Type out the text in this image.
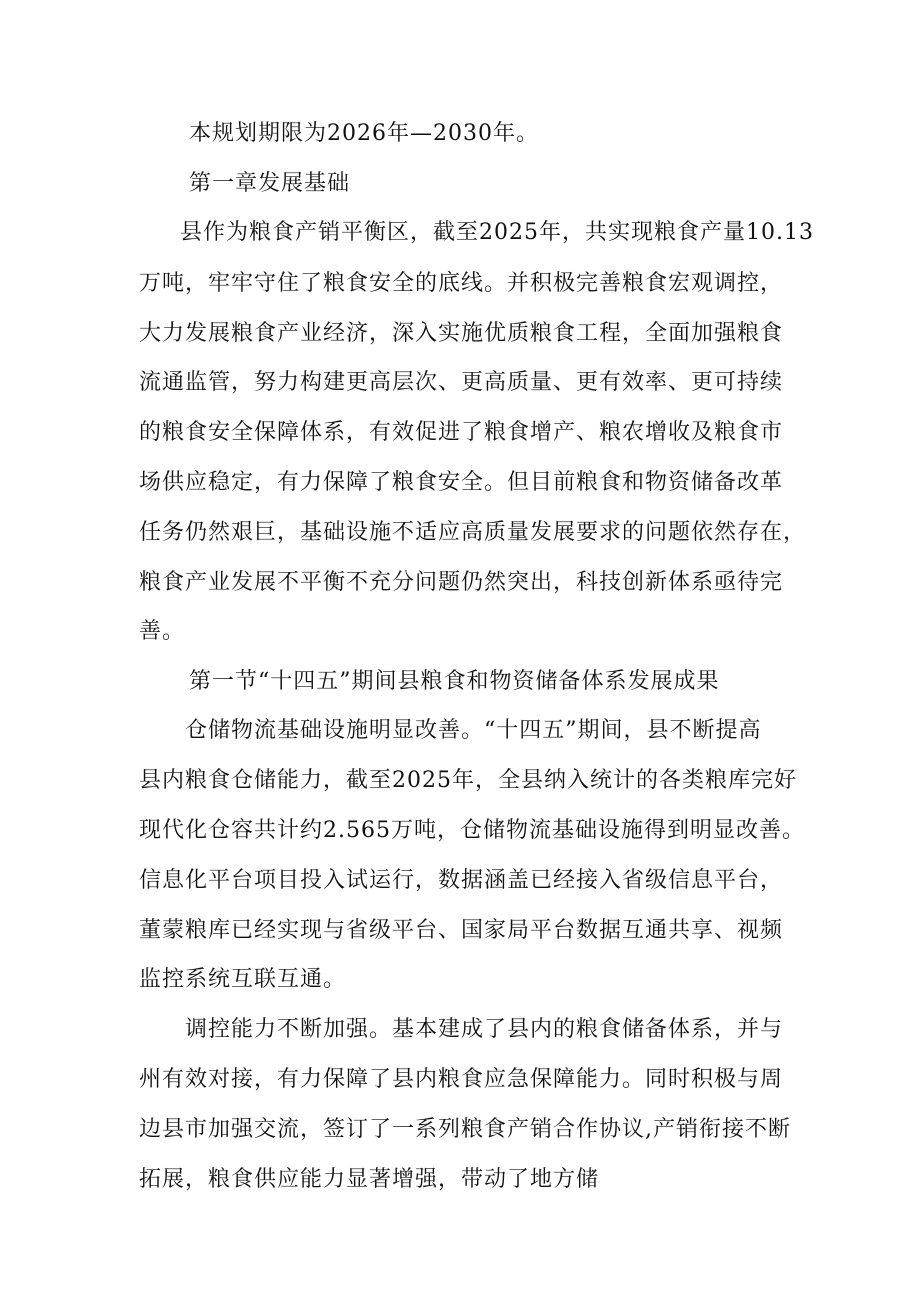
本规划期限为2026年—2030年。
第一章发展基础
县作为粮食产销平衡区，截至2025年，共实现粮食产量10.13
万吨，牢牢守住了粮食安全的底线。并积极完善粮食宏观调控，
大力发展粮食产业经济，深入实施优质粮食工程，全面加强粮食
流通监管，努力构建更高层次、更高质量、更有效率、更可持续
的粮食安全保障体系，有效促进了粮食增产、粮农增收及粮食市
场供应稳定，有力保障了粮食安全。但目前粮食和物资储备改革
任务仍然艰巨，基础设施不适应高质量发展要求的问题依然存在，
粮食产业发展不平衡不充分问题仍然突出，科技创新体系亟待完
善。
第一节“十四五”期间县粮食和物资储备体系发展成果
仓储物流基础设施明显改善。“十四五”期间，县不断提高
县内粮食仓储能力，截至2025年，全县纳入统计的各类粮库完好
现代化仓容共计约2.565万吨，仓储物流基础设施得到明显改善。
信息化平台项目投入试运行，数据涵盖已经接入省级信息平台，
董蒙粮库已经实现与省级平台、国家局平台数据互通共享、视频
监控系统互联互通。
调控能力不断加强。基本建成了县内的粮食储备体系，并与
州有效对接，有力保障了县内粮食应急保障能力。同时积极与周
边县市加强交流，签订了一系列粮食产销合作协议,产销衔接不断
拓展，粮食供应能力显著增强，带动了地方储
